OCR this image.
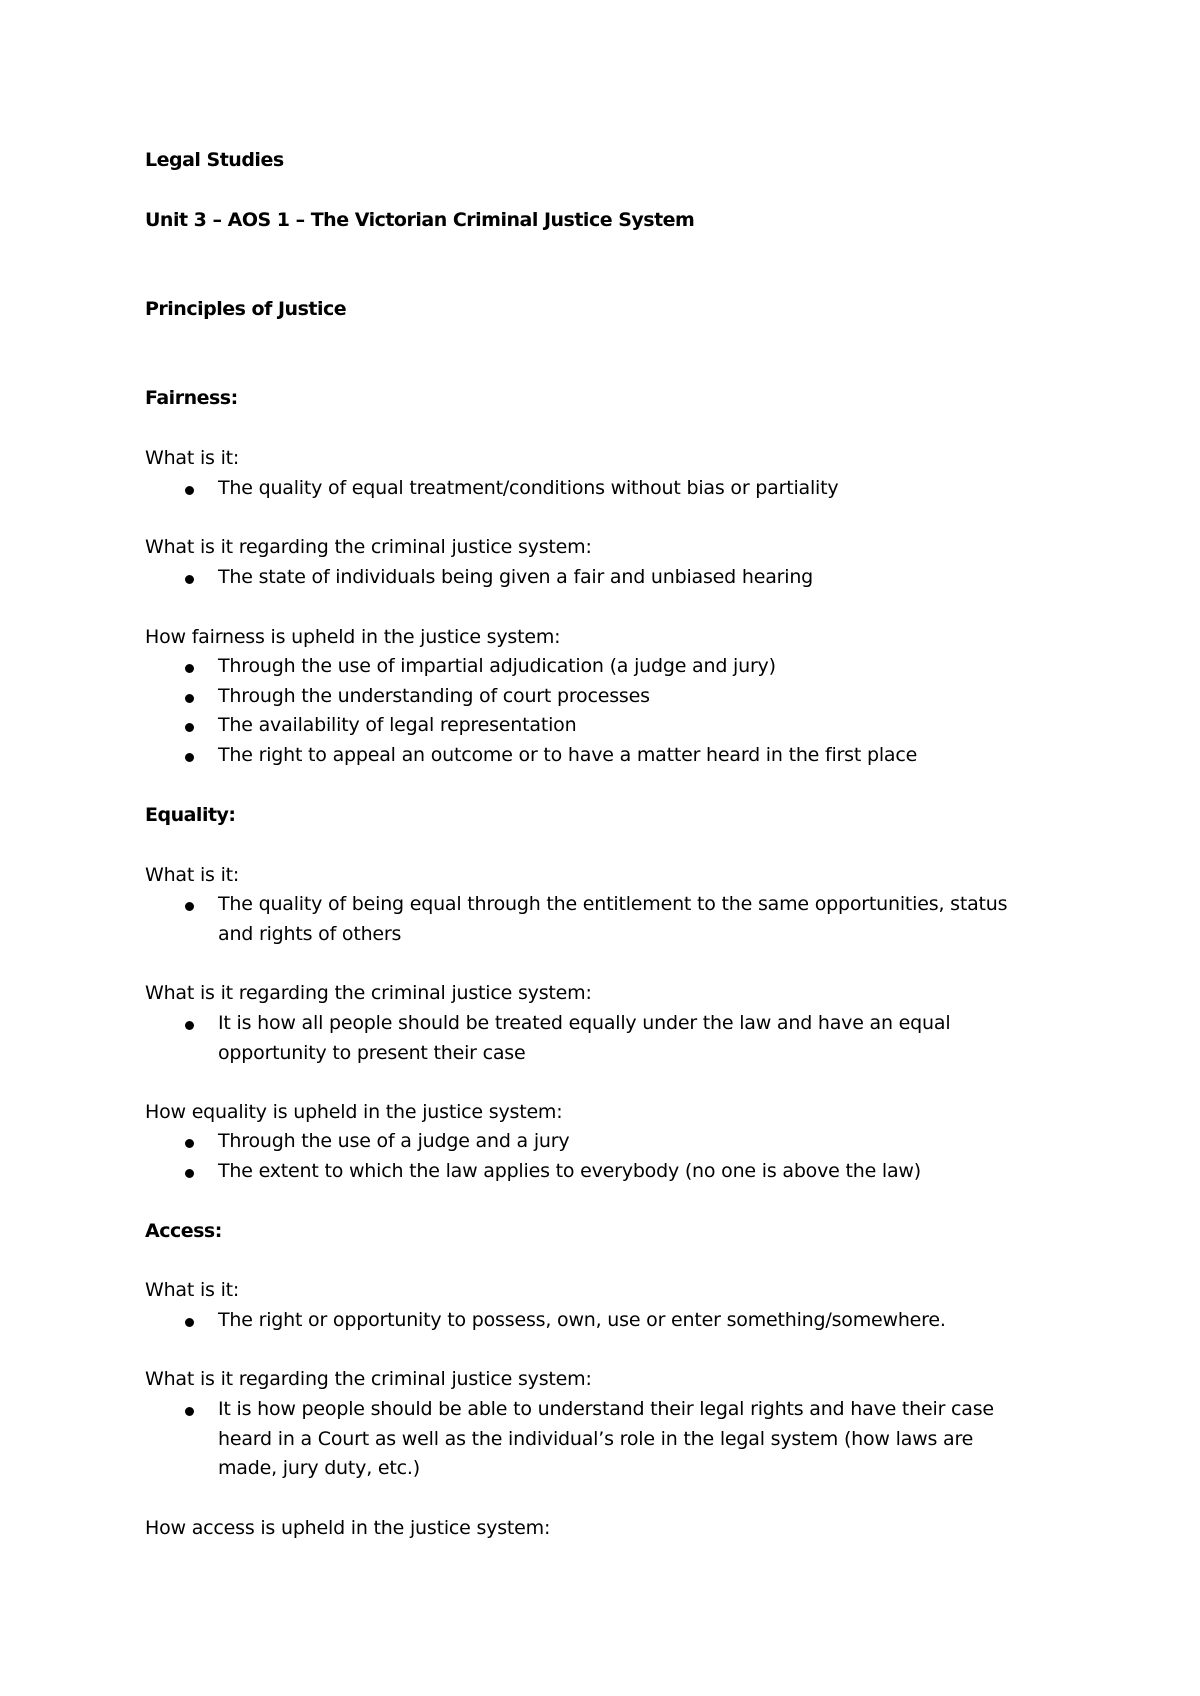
Legal Studies

Unit 3 – AOS 1 – The Victorian Criminal Justice System

Principles of Justice

Fairness:

What is it:

The quality of equal treatment/conditions without bias or partiality

What is it regarding the criminal justice system:

The state of individuals being given a fair and unbiased hearing

How fairness is upheld in the justice system:

Through the use of impartial adjudication (a judge and jury)

Through the understanding of court processes

The availability of legal representation

The right to appeal an outcome or to have a matter heard in the first place

Equality:

What is it:

The quality of being equal through the entitlement to the same opportunities, status

and rights of others

What is it regarding the criminal justice system:

It is how all people should be treated equally under the law and have an equal

opportunity to present their case

How equality is upheld in the justice system:

Through the use of a judge and a jury

The extent to which the law applies to everybody (no one is above the law)

Access:

What is it:

The right or opportunity to possess, own, use or enter something/somewhere.

What is it regarding the criminal justice system:

It is how people should be able to understand their legal rights and have their case

heard in a Court as well as the individual’s role in the legal system (how laws are

made, jury duty, etc.)

How access is upheld in the justice system:
